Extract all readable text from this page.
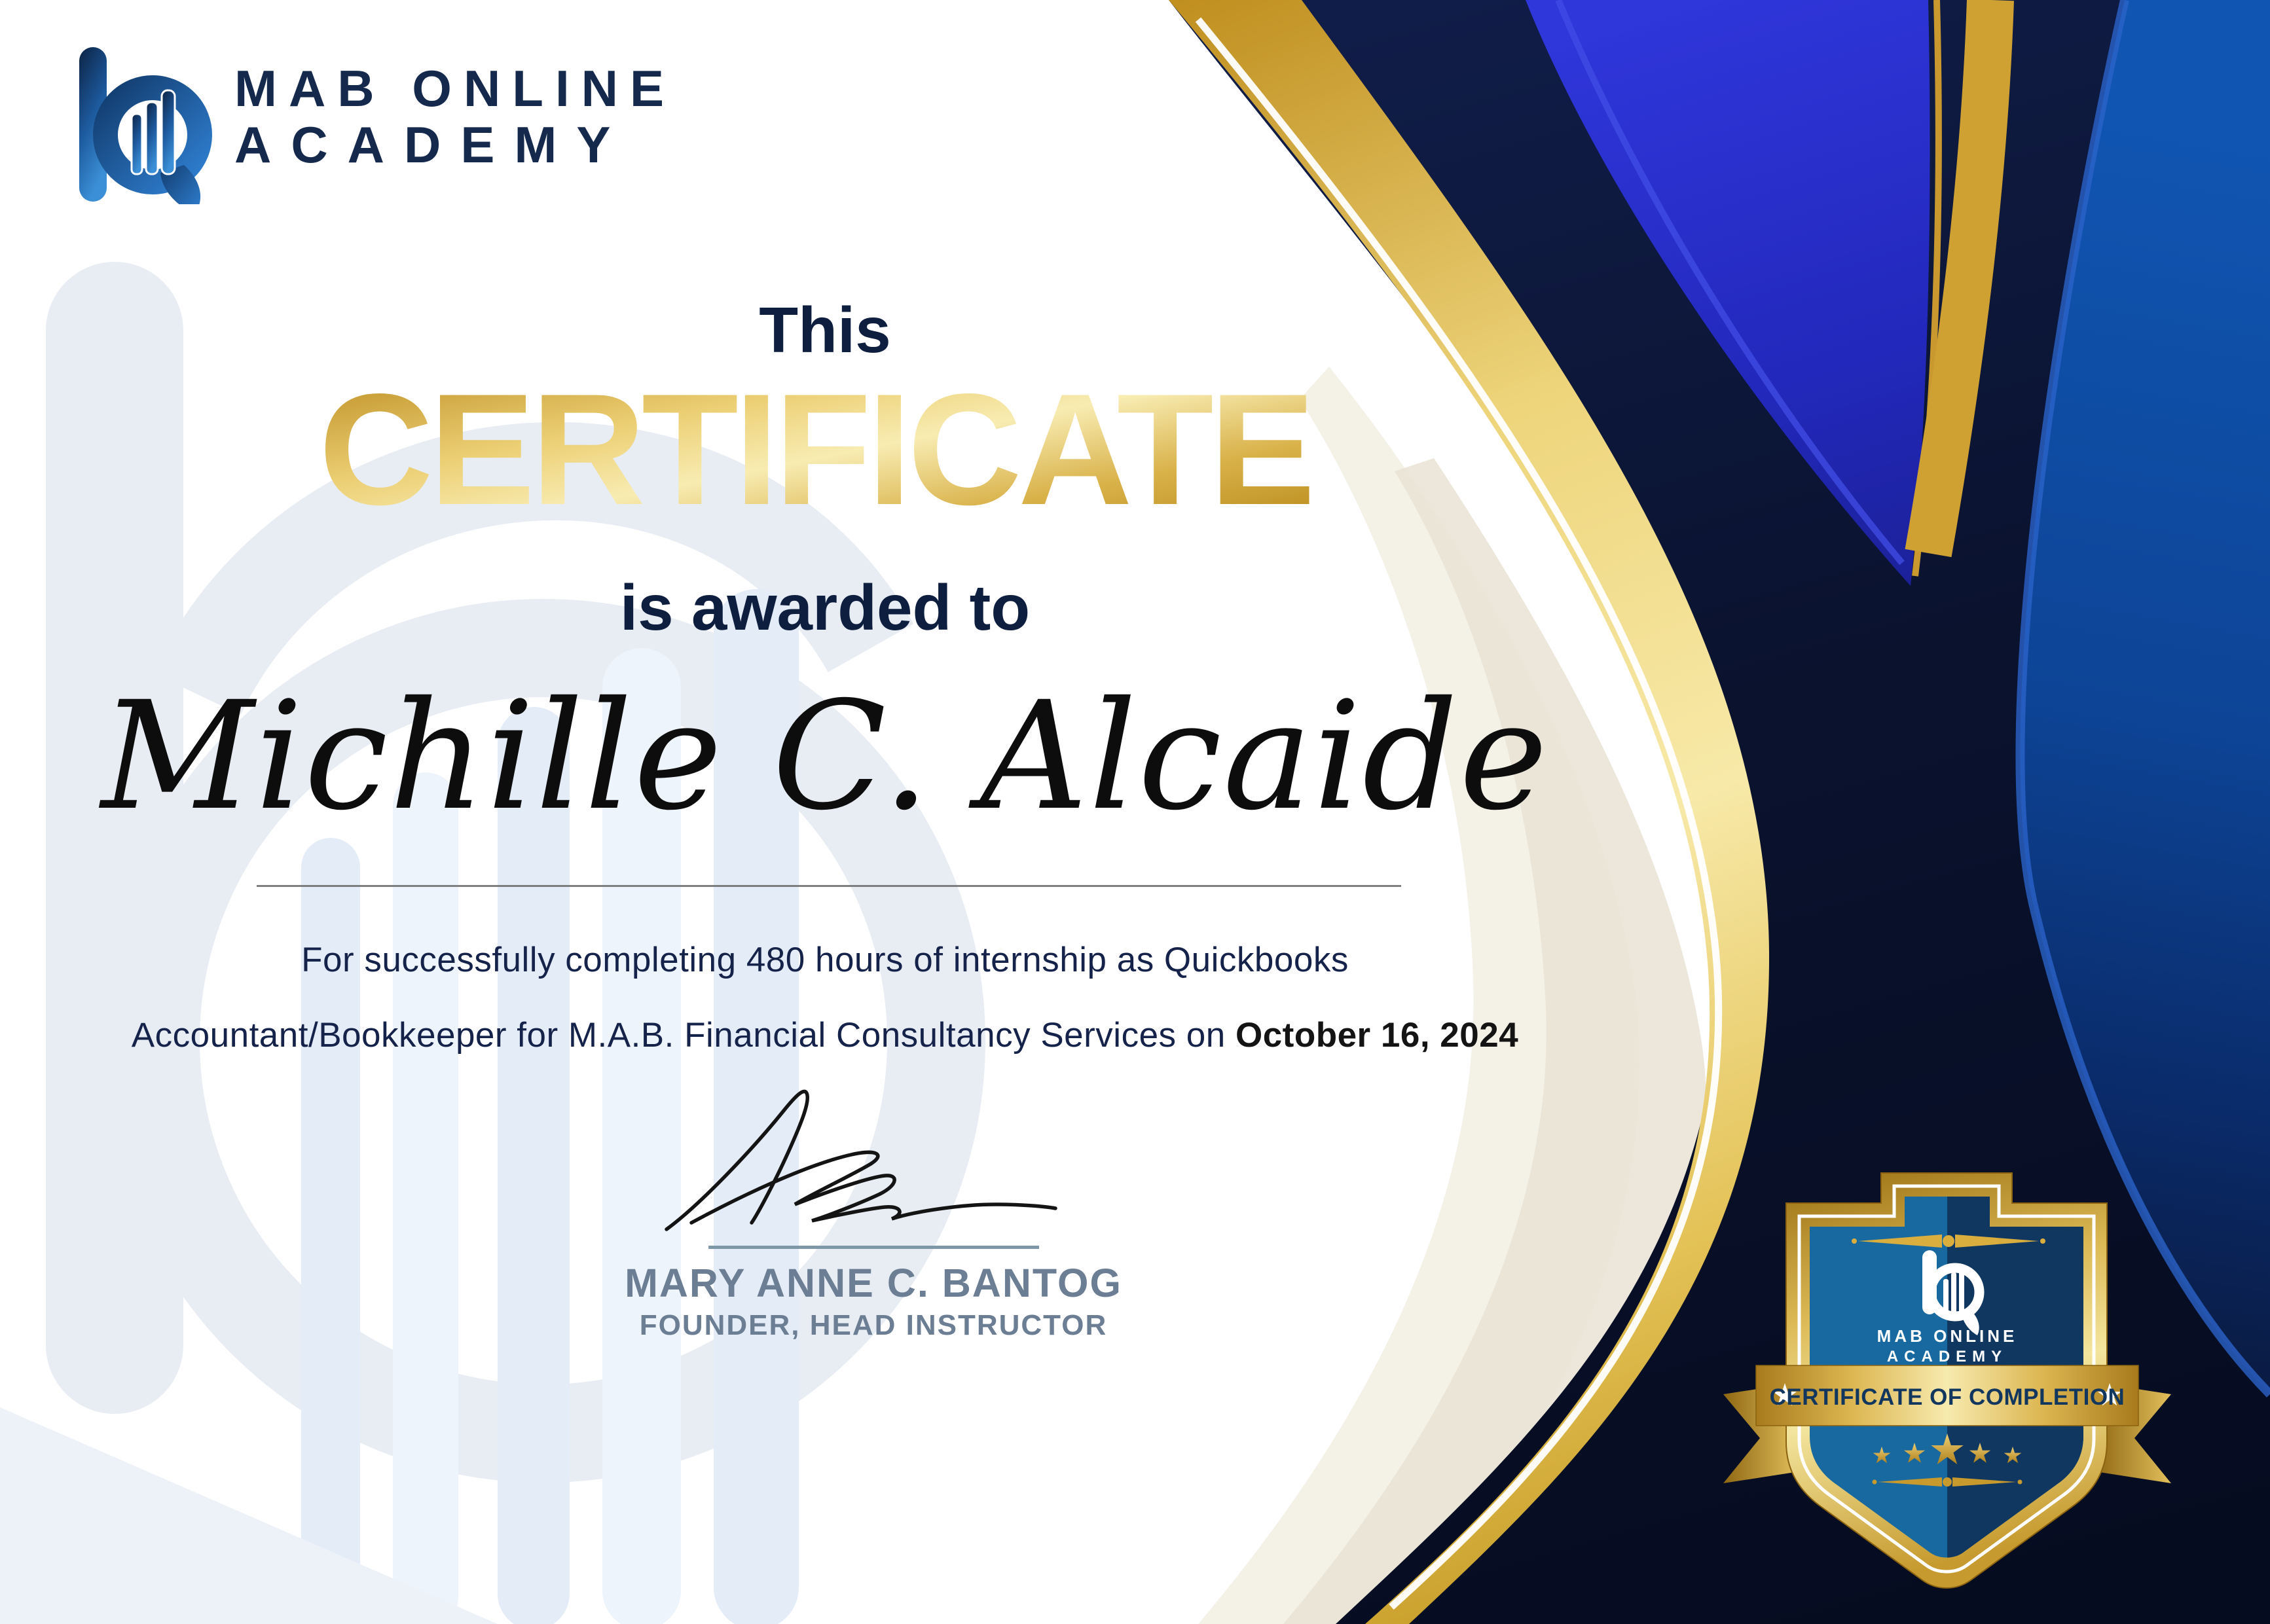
MAB ONLINE
ACADEMY
This
CERTIFICATE
is awarded to
Michille C. Alcaide
For successfully completing 480 hours of internship as Quickbooks
Accountant/Bookkeeper for M.A.B. Financial Consultancy Services on October 16, 2024
MARY ANNE C. BANTOG
FOUNDER, HEAD INSTRUCTOR	MAB ONLINE
ACADEMY
CERTIFICATE OF COMPLETION
